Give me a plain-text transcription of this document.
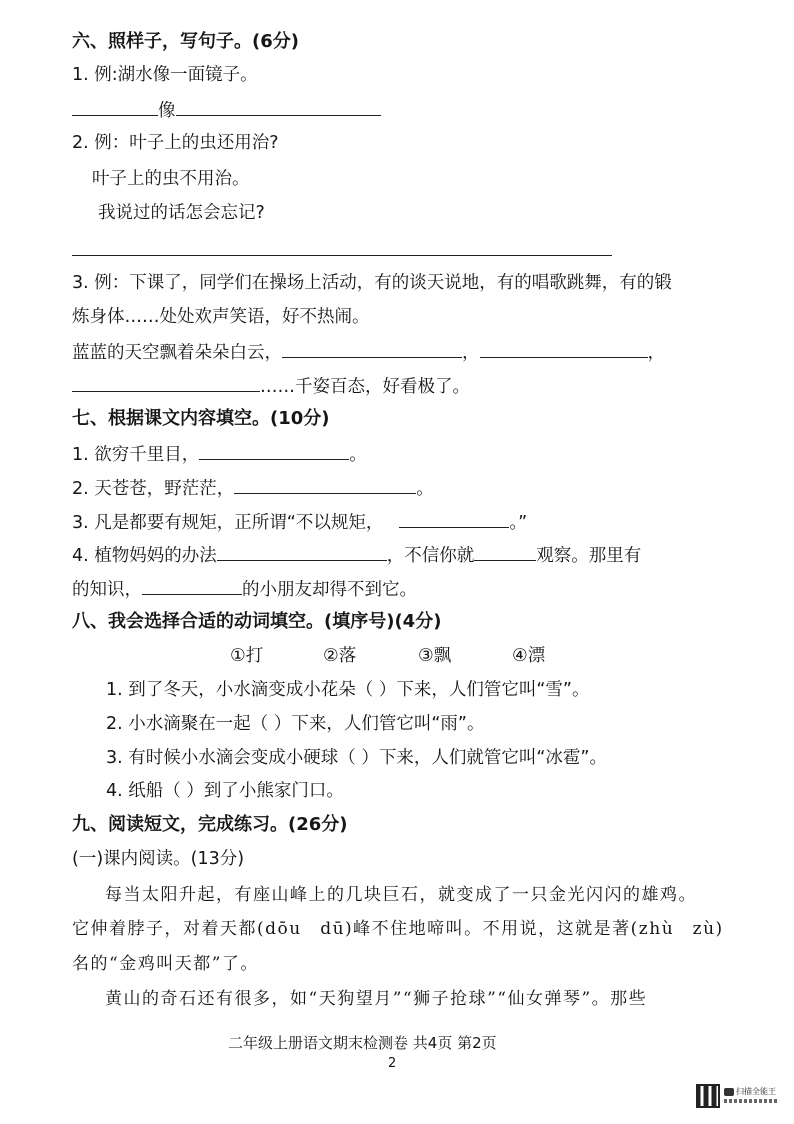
六、照样子，写句子。(6分)
1. 例:湖水像一面镜子。
像
2. 例：叶子上的虫还用治?
叶子上的虫不用治。
我说过的话怎会忘记?
3. 例：下课了，同学们在操场上活动，有的谈天说地，有的唱歌跳舞，有的锻
炼身体……处处欢声笑语，好不热闹。
蓝蓝的天空飘着朵朵白云，	，	，
……千姿百态，好看极了。
七、根据课文内容填空。(10分)
1. 欲穷千里目，	。
2. 天苍苍，野茫茫，	。
3. 凡是都要有规矩，正所谓“不以规矩，	。”
4. 植物妈妈的办法	，不信你就	观察。那里有
的知识，	的小朋友却得不到它。
八、我会选择合适的动词填空。(填序号)(4分)
①打	②落	③飘	④漂
1. 到了冬天，小水滴变成小花朵（ ）下来，人们管它叫“雪”。
2. 小水滴聚在一起（ ）下来，人们管它叫“雨”。
3. 有时候小水滴会变成小硬球（ ）下来，人们就管它叫“冰雹”。
4. 纸船（ ）到了小熊家门口。
九、阅读短文，完成练习。(26分)
(一)课内阅读。(13分)
每当太阳升起，有座山峰上的几块巨石，就变成了一只金光闪闪的雄鸡。
它伸着脖子，对着天都(dōu　dū)峰不住地啼叫。不用说，这就是著(zhù　zù)
名的“金鸡叫天都”了。
黄山的奇石还有很多，如“天狗望月”“狮子抢球”“仙女弹琴”。那些
二年级上册语文期末检测卷 共4页 第2页
2
扫描全能王
